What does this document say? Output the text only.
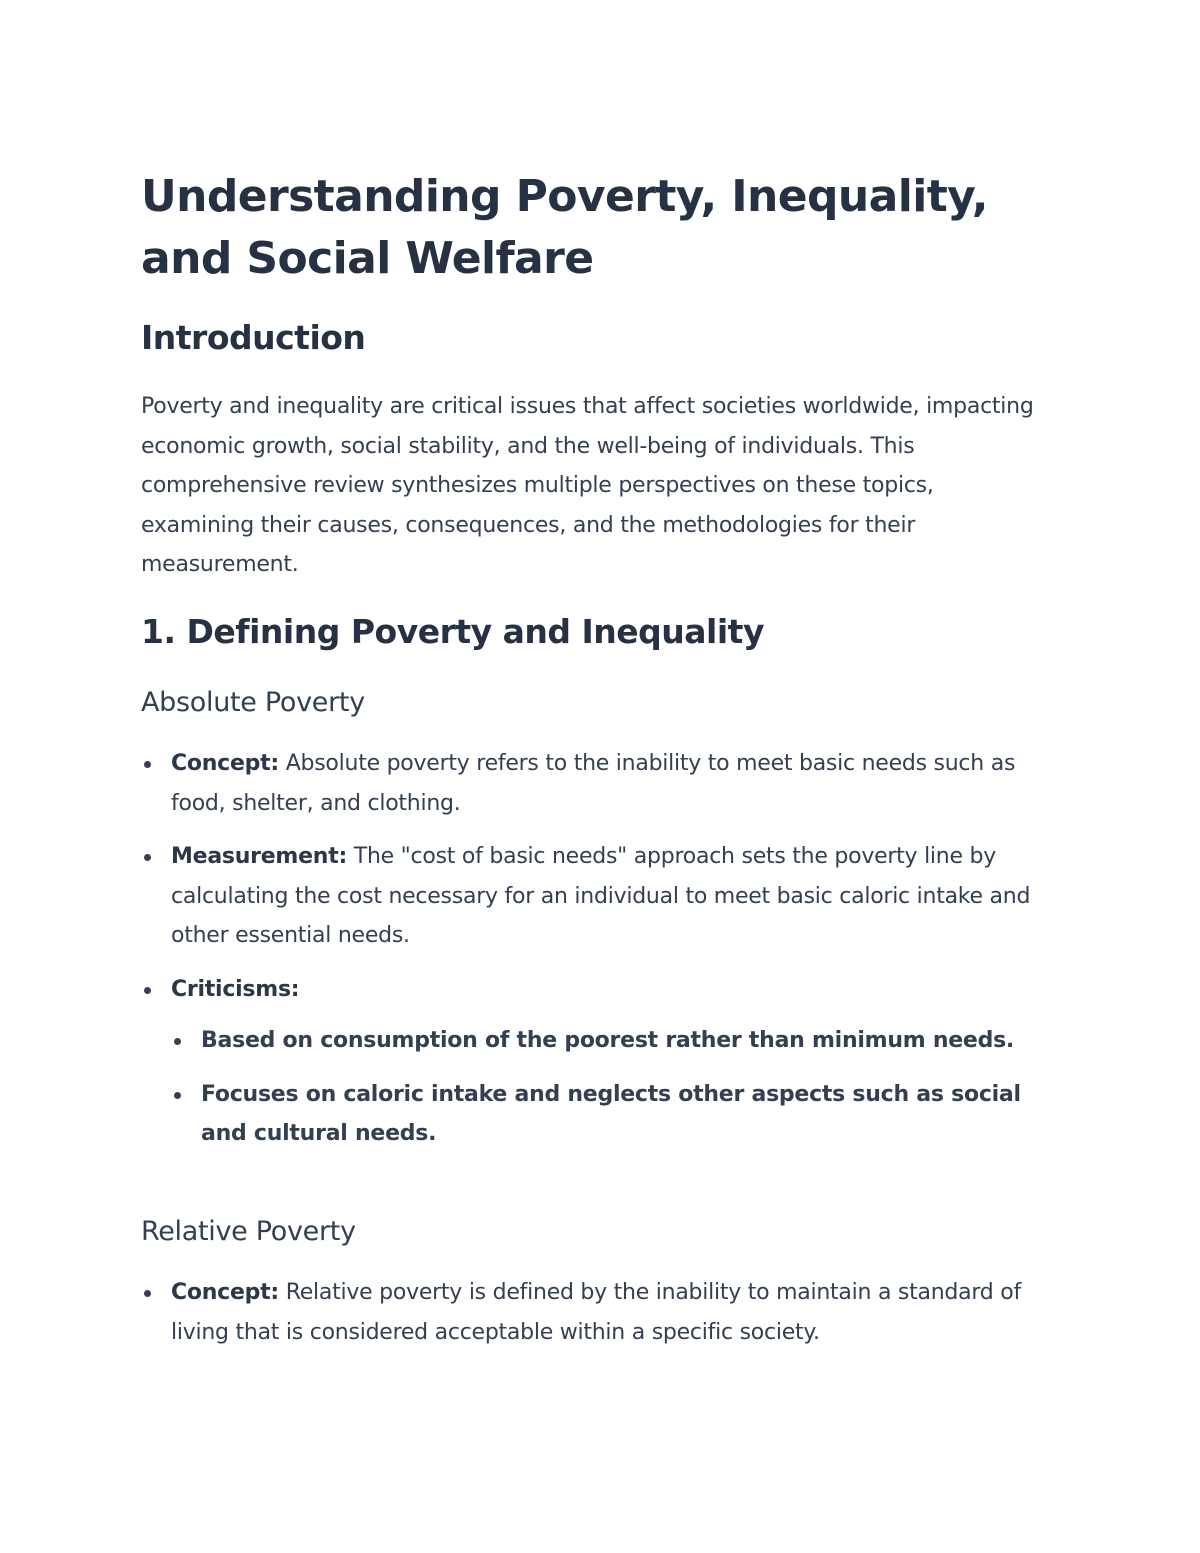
Understanding Poverty, Inequality, and Social Welfare
Introduction

Poverty and inequality are critical issues that affect societies worldwide, impacting economic growth, social stability, and the well-being of individuals. This comprehensive review synthesizes multiple perspectives on these topics, examining their causes, consequences, and the methodologies for their measurement.

1. Defining Poverty and Inequality
Absolute Poverty
Concept: Absolute poverty refers to the inability to meet basic needs such as food, shelter, and clothing.
Measurement: The "cost of basic needs" approach sets the poverty line by calculating the cost necessary for an individual to meet basic caloric intake and other essential needs.
Criticisms:
Based on consumption of the poorest rather than minimum needs.
Focuses on caloric intake and neglects other aspects such as social and cultural needs.
Relative Poverty
Concept: Relative poverty is defined by the inability to maintain a standard of living that is considered acceptable within a specific society.
